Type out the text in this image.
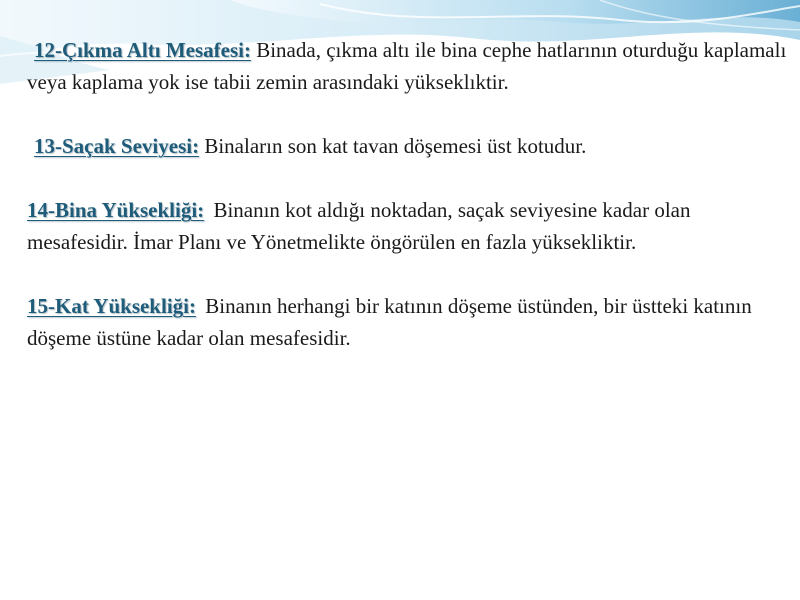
12-Çıkma Altı Mesafesi: Binada, çıkma altı ile bina cephe hatlarının oturduğu kaplamalı veya kaplama yok ise tabii zemin arasındaki yükseklıktir.

13-Saçak Seviyesi: Binaların son kat tavan döşemesi üst kotudur.

14-Bina Yüksekliği: Binanın kot aldığı noktadan, saçak seviyesine kadar olan mesafesidir. İmar Planı ve Yönetmelikte öngörülen en fazla yüksekliktir.

15-Kat Yüksekliği: Binanın herhangi bir katının döşeme üstünden, bir üstteki katının döşeme üstüne kadar olan mesafesidir.
